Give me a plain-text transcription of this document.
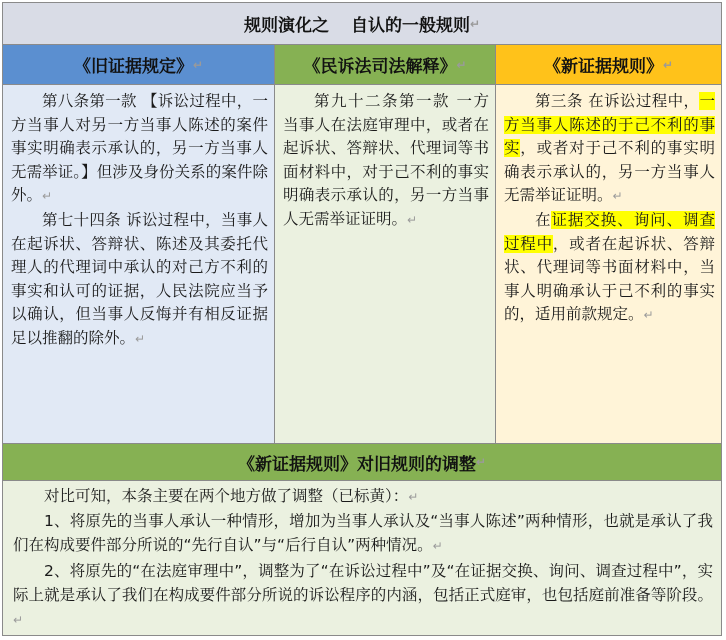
规则演化之 自认的一般规则 ↵
《旧证据规定》 ↵	《民诉法司法解释》 ↵	《新证据规则》 ↵

第八条第一款 【诉讼过程中，一方当事人对另一方当事人陈述的案件事实明确表示承认的，另一方当事人无需举证。】但涉及身份关系的案件除外。↵

第七十四条 诉讼过程中，当事人在起诉状、答辩状、陈述及其委托代理人的代理词中承认的对己方不利的事实和认可的证据，人民法院应当予以确认，但当事人反悔并有相反证据足以推翻的除外。↵

第九十二条第一款 一方当事人在法庭审理中，或者在起诉状、答辩状、代理词等书面材料中，对于己不利的事实明确表示承认的，另一方当事人无需举证证明。↵

第三条 在诉讼过程中，一方当事人陈述的于己不利的事实，或者对于己不利的事实明确表示承认的，另一方当事人无需举证证明。↵

在证据交换、询问、调查过程中，或者在起诉状、答辩状、代理词等书面材料中，当事人明确承认于己不利的事实的，适用前款规定。↵

《新证据规则》对旧规则的调整 ↵

对比可知，本条主要在两个地方做了调整（已标黄）：↵

1、将原先的当事人承认一种情形，增加为当事人承认及“当事人陈述”两种情形，也就是承认了我们在构成要件部分所说的“先行自认”与“后行自认”两种情况。↵

2、将原先的“在法庭审理中”，调整为了“在诉讼过程中”及“在证据交换、询问、调查过程中”，实际上就是承认了我们在构成要件部分所说的诉讼程序的内涵，包括正式庭审，也包括庭前准备等阶段。↵
